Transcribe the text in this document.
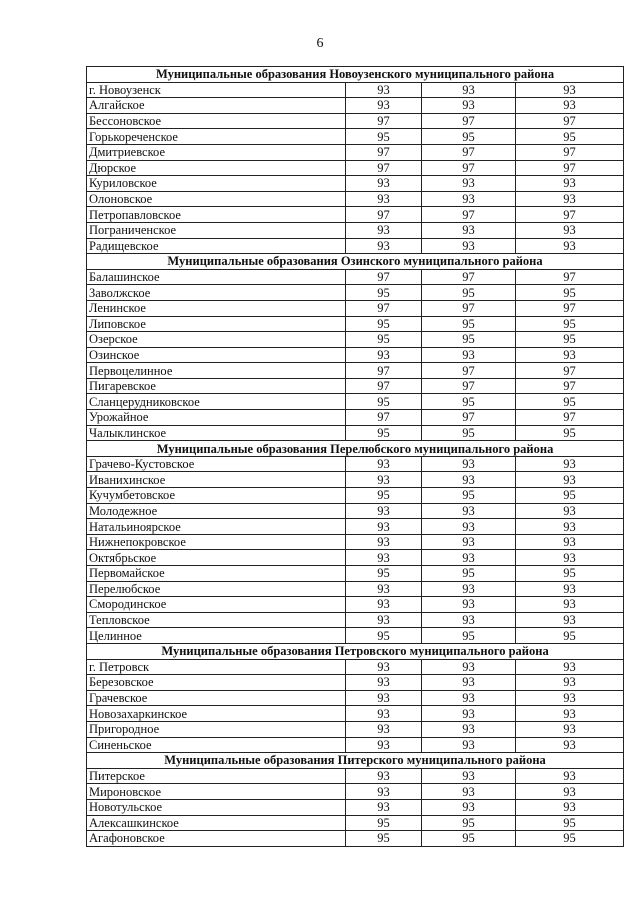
6
Муниципальные образования Новоузенского муниципального района			
г. Новоузенск	93	93	93
Алгайское	93	93	93
Бессоновское	97	97	97
Горькореченское	95	95	95
Дмитриевское	97	97	97
Дюрское	97	97	97
Куриловское	93	93	93
Олоновское	93	93	93
Петропавловское	97	97	97
Пограниченское	93	93	93
Радищевское	93	93	93
Муниципальные образования Озинского муниципального района			
Балашинское	97	97	97
Заволжское	95	95	95
Ленинское	97	97	97
Липовское	95	95	95
Озерское	95	95	95
Озинское	93	93	93
Первоцелинное	97	97	97
Пигаревское	97	97	97
Сланцерудниковское	95	95	95
Урожайное	97	97	97
Чалыклинское	95	95	95
Муниципальные образования Перелюбского муниципального района			
Грачево-Кустовское	93	93	93
Иванихинское	93	93	93
Кучумбетовское	95	95	95
Молодежное	93	93	93
Натальиноярское	93	93	93
Нижнепокровское	93	93	93
Октябрьское	93	93	93
Первомайское	95	95	95
Перелюбское	93	93	93
Смородинское	93	93	93
Тепловское	93	93	93
Целинное	95	95	95
Муниципальные образования Петровского муниципального района			
г. Петровск	93	93	93
Березовское	93	93	93
Грачевское	93	93	93
Новозахаркинское	93	93	93
Пригородное	93	93	93
Синеньское	93	93	93
Муниципальные образования Питерского муниципального района			
Питерское	93	93	93
Мироновское	93	93	93
Новотульское	93	93	93
Алексашкинское	95	95	95
Агафоновское	95	95	95
